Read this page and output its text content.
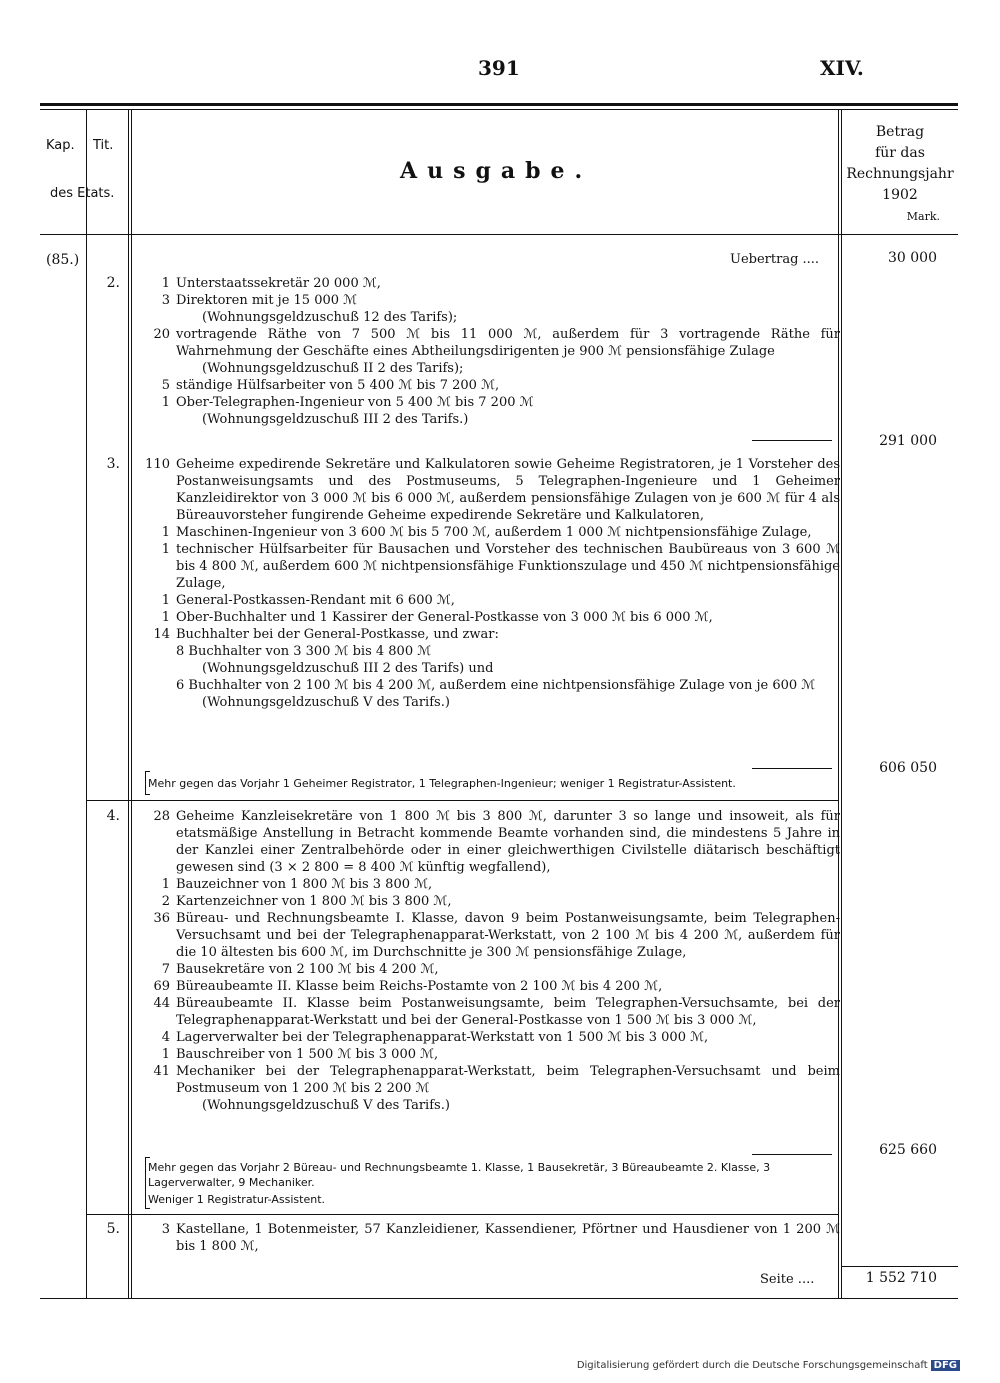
391	XIV.
Kap. Tit.
des Etats.
Ausgabe.
Betrag
für das
Rechnungsjahr
1902
Mark.
(85.)	Uebertrag ....	30 000
2.	1 Unterstaatssekretär 20 000 ℳ,

3 Direktoren mit je 15 000 ℳ

(Wohnungsgeldzuschuß 12 des Tarifs);

20 vortragende Räthe von 7 500 ℳ bis 11 000 ℳ, außerdem für 3 vortragende Räthe für Wahrnehmung der Geschäfte eines Abtheilungsdirigenten je 900 ℳ pensionsfähige Zulage

(Wohnungsgeldzuschuß II 2 des Tarifs);

5 ständige Hülfsarbeiter von 5 400 ℳ bis 7 200 ℳ,

1 Ober-Telegraphen-Ingenieur von 5 400 ℳ bis 7 200 ℳ

(Wohnungsgeldzuschuß III 2 des Tarifs.)

291 000
3.	110 Geheime expedirende Sekretäre und Kalkulatoren sowie Geheime Registratoren, je 1 Vorsteher des Postanweisungsamts und des Postmuseums, 5 Telegraphen-Ingenieure und 1 Geheimer Kanzleidirektor von 3 000 ℳ bis 6 000 ℳ, außerdem pensionsfähige Zulagen von je 600 ℳ für 4 als Büreauvorsteher fungirende Geheime expedirende Sekretäre und Kalkulatoren,

1 Maschinen-Ingenieur von 3 600 ℳ bis 5 700 ℳ, außerdem 1 000 ℳ nichtpensionsfähige Zulage,

1 technischer Hülfsarbeiter für Bausachen und Vorsteher des technischen Baubüreaus von 3 600 ℳ bis 4 800 ℳ, außerdem 600 ℳ nichtpensionsfähige Funktionszulage und 450 ℳ nichtpensionsfähige Zulage,

1 General-Postkassen-Rendant mit 6 600 ℳ,

1 Ober-Buchhalter und 1 Kassirer der General-Postkasse von 3 000 ℳ bis 6 000 ℳ,

14 Buchhalter bei der General-Postkasse, und zwar:

8 Buchhalter von 3 300 ℳ bis 4 800 ℳ

(Wohnungsgeldzuschuß III 2 des Tarifs) und

6 Buchhalter von 2 100 ℳ bis 4 200 ℳ, außerdem eine nichtpensionsfähige Zulage von je 600 ℳ

(Wohnungsgeldzuschuß V des Tarifs.)

Mehr gegen das Vorjahr 1 Geheimer Registrator, 1 Telegraphen-Ingenieur; weniger 1 Registratur-Assistent.
606 050
4.	28 Geheime Kanzleisekretäre von 1 800 ℳ bis 3 800 ℳ, darunter 3 so lange und insoweit, als für etatsmäßige Anstellung in Betracht kommende Beamte vorhanden sind, die mindestens 5 Jahre in der Kanzlei einer Zentralbehörde oder in einer gleichwerthigen Civilstelle diätarisch beschäftigt gewesen sind (3 × 2 800 = 8 400 ℳ künftig wegfallend),

1 Bauzeichner von 1 800 ℳ bis 3 800 ℳ,

2 Kartenzeichner von 1 800 ℳ bis 3 800 ℳ,

36 Büreau- und Rechnungsbeamte I. Klasse, davon 9 beim Postanweisungsamte, beim Telegraphen-Versuchsamt und bei der Telegraphenapparat-Werkstatt, von 2 100 ℳ bis 4 200 ℳ, außerdem für die 10 ältesten bis 600 ℳ, im Durchschnitte je 300 ℳ pensionsfähige Zulage,

7 Bausekretäre von 2 100 ℳ bis 4 200 ℳ,

69 Büreaubeamte II. Klasse beim Reichs-Postamte von 2 100 ℳ bis 4 200 ℳ,

44 Büreaubeamte II. Klasse beim Postanweisungsamte, beim Telegraphen-Versuchsamte, bei der Telegraphenapparat-Werkstatt und bei der General-Postkasse von 1 500 ℳ bis 3 000 ℳ,

4 Lagerverwalter bei der Telegraphenapparat-Werkstatt von 1 500 ℳ bis 3 000 ℳ,

1 Bauschreiber von 1 500 ℳ bis 3 000 ℳ,

41 Mechaniker bei der Telegraphenapparat-Werkstatt, beim Telegraphen-Versuchsamt und beim Postmuseum von 1 200 ℳ bis 2 200 ℳ

(Wohnungsgeldzuschuß V des Tarifs.)

Mehr gegen das Vorjahr 2 Büreau- und Rechnungsbeamte 1. Klasse, 1 Bausekretär, 3 Büreaubeamte 2. Klasse, 3 Lagerverwalter, 9 Mechaniker.
Weniger 1 Registratur-Assistent.
625 660
5.	3 Kastellane, 1 Botenmeister, 57 Kanzleidiener, Kassendiener, Pförtner und Hausdiener von 1 200 ℳ bis 1 800 ℳ,

Seite ....	1 552 710
Digitalisierung gefördert durch die Deutsche Forschungsgemeinschaft DFG
